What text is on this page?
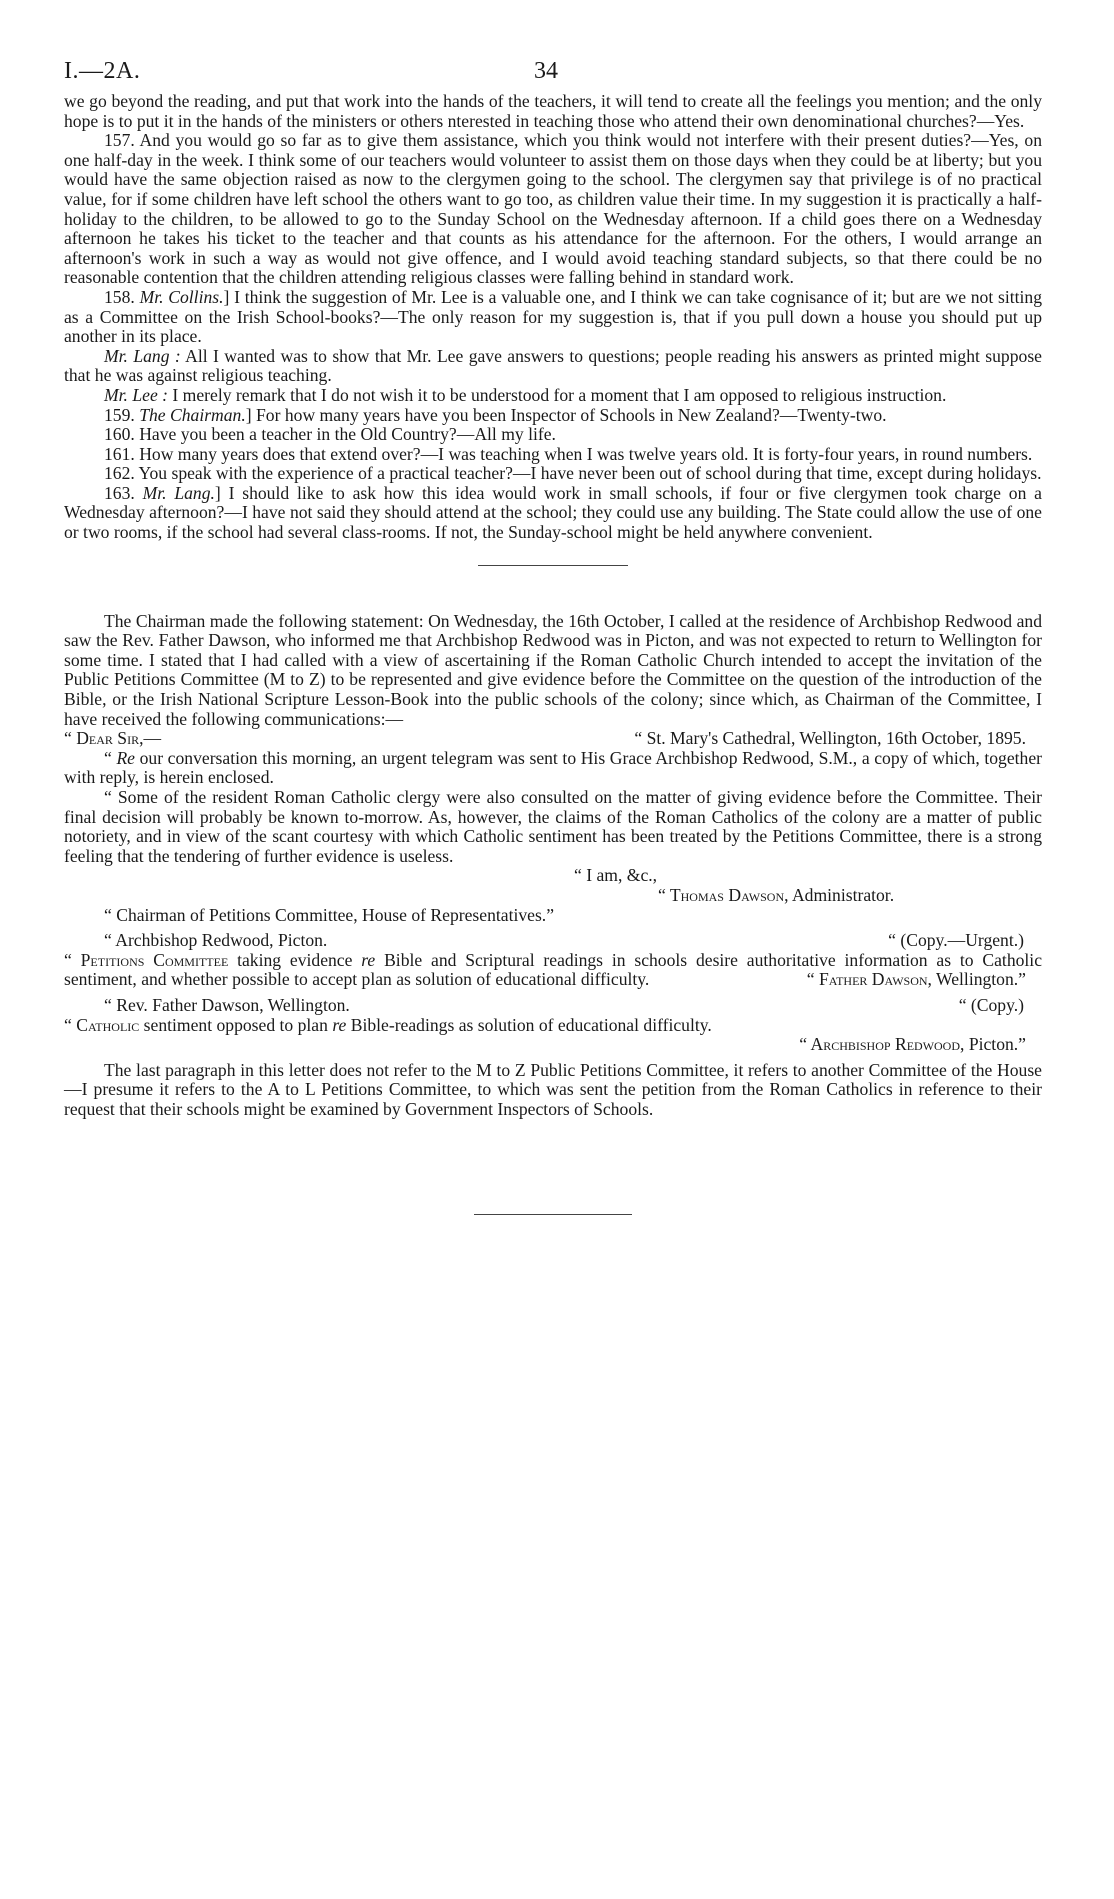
I.—2A.	34

we go beyond the reading, and put that work into the hands of the teachers, it will tend to create all the feelings you mention; and the only hope is to put it in the hands of the ministers or others nterested in teaching those who attend their own denominational churches?—Yes.

157. And you would go so far as to give them assistance, which you think would not interfere with their present duties?—Yes, on one half-day in the week. I think some of our teachers would volunteer to assist them on those days when they could be at liberty; but you would have the same objection raised as now to the clergymen going to the school. The clergymen say that privilege is of no practical value, for if some children have left school the others want to go too, as children value their time. In my suggestion it is practically a half-holiday to the children, to be allowed to go to the Sunday School on the Wednesday afternoon. If a child goes there on a Wednesday afternoon he takes his ticket to the teacher and that counts as his attendance for the afternoon. For the others, I would arrange an afternoon's work in such a way as would not give offence, and I would avoid teaching standard subjects, so that there could be no reasonable contention that the children attending religious classes were falling behind in standard work.

158. Mr. Collins.] I think the suggestion of Mr. Lee is a valuable one, and I think we can take cognisance of it; but are we not sitting as a Committee on the Irish School-books?—The only reason for my suggestion is, that if you pull down a house you should put up another in its place.

Mr. Lang : All I wanted was to show that Mr. Lee gave answers to questions; people reading his answers as printed might suppose that he was against religious teaching.

Mr. Lee : I merely remark that I do not wish it to be understood for a moment that I am opposed to religious instruction.

159. The Chairman.] For how many years have you been Inspector of Schools in New Zealand?—Twenty-two.

160. Have you been a teacher in the Old Country?—All my life.

161. How many years does that extend over?—I was teaching when I was twelve years old. It is forty-four years, in round numbers.

162. You speak with the experience of a practical teacher?—I have never been out of school during that time, except during holidays.

163. Mr. Lang.] I should like to ask how this idea would work in small schools, if four or five clergymen took charge on a Wednesday afternoon?—I have not said they should attend at the school; they could use any building. The State could allow the use of one or two rooms, if the school had several class-rooms. If not, the Sunday-school might be held anywhere convenient.

The Chairman made the following statement: On Wednesday, the 16th October, I called at the residence of Archbishop Redwood and saw the Rev. Father Dawson, who informed me that Archbishop Redwood was in Picton, and was not expected to return to Wellington for some time. I stated that I had called with a view of ascertaining if the Roman Catholic Church intended to accept the invitation of the Public Petitions Committee (M to Z) to be represented and give evidence before the Committee on the question of the introduction of the Bible, or the Irish National Scripture Lesson-Book into the public schools of the colony; since which, as Chairman of the Committee, I have received the following communications:—

“ Dear Sir,—	“ St. Mary's Cathedral, Wellington, 16th October, 1895.

“ Re our conversation this morning, an urgent telegram was sent to His Grace Archbishop Redwood, S.M., a copy of which, together with reply, is herein enclosed.

“ Some of the resident Roman Catholic clergy were also consulted on the matter of giving evidence before the Committee. Their final decision will probably be known to-morrow. As, however, the claims of the Roman Catholics of the colony are a matter of public notoriety, and in view of the scant courtesy with which Catholic sentiment has been treated by the Petitions Committee, there is a strong feeling that the tendering of further evidence is useless.

“ I am, &c.,

“ Thomas Dawson, Administrator.

“ Chairman of Petitions Committee, House of Representatives.”

“ Archbishop Redwood, Picton.	“ (Copy.—Urgent.)

“ Petitions Committee taking evidence re Bible and Scriptural readings in schools desire authoritative information as to Catholic sentiment, and whether possible to accept plan as solution of educational difficulty.	“ Father Dawson, Wellington.”

“ Rev. Father Dawson, Wellington.	“ (Copy.)

“ Catholic sentiment opposed to plan re Bible-readings as solution of educational difficulty.

“ Archbishop Redwood, Picton.”

The last paragraph in this letter does not refer to the M to Z Public Petitions Committee, it refers to another Committee of the House—I presume it refers to the A to L Petitions Committee, to which was sent the petition from the Roman Catholics in reference to their request that their schools might be examined by Government Inspectors of Schools.
